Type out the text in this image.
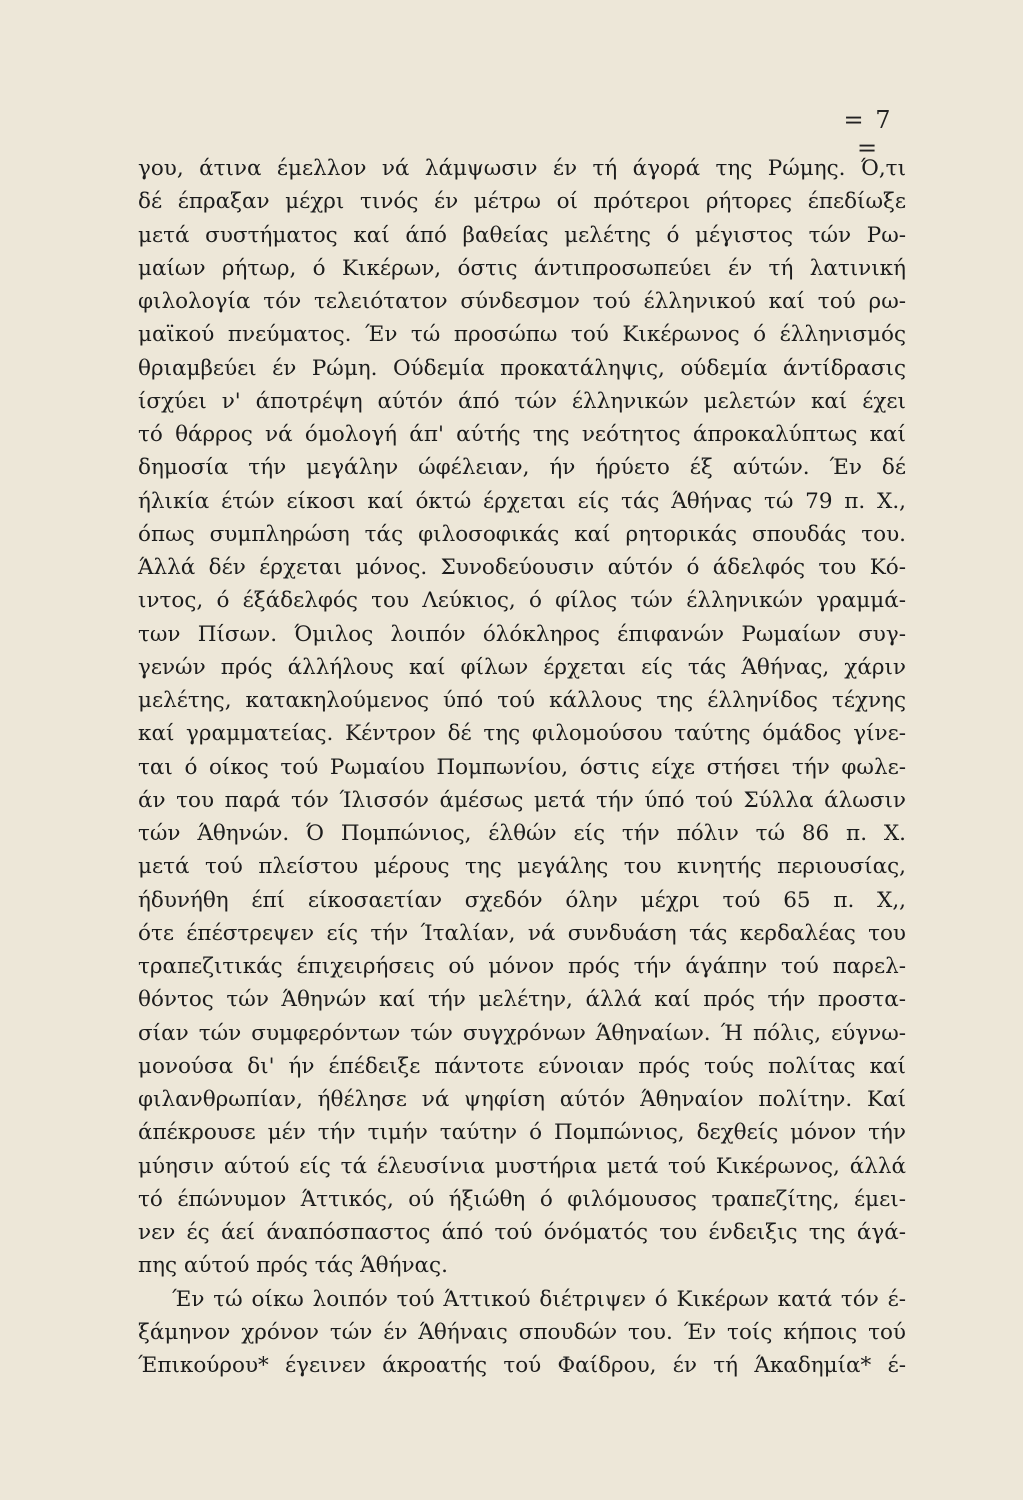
= 7 =
γου, άτινα έμελλον νά λάμψωσιν έν τή άγορά της Ρώμης. Ό,τι
δέ έπραξαν μέχρι τινός έν μέτρω οί πρότεροι ρήτορες έπεδίωξε
μετά συστήματος καί άπό βαθείας μελέτης ό μέγιστος τών Ρω-
μαίων ρήτωρ, ό Κικέρων, όστις άντιπροσωπεύει έν τή λατινική
φιλολογία τόν τελειότατον σύνδεσμον τού έλληνικού καί τού ρω-
μαϊκού πνεύματος. Έν τώ προσώπω τού Κικέρωνος ό έλληνισμός
θριαμβεύει έν Ρώμη. Ούδεμία προκατάληψις, ούδεμία άντίδρασις
ίσχύει ν' άποτρέψη αύτόν άπό τών έλληνικών μελετών καί έχει
τό θάρρος νά όμολογή άπ' αύτής της νεότητος άπροκαλύπτως καί
δημοσία τήν μεγάλην ώφέλειαν, ήν ήρύετο έξ αύτών. Έν δέ
ήλικία έτών είκοσι καί όκτώ έρχεται είς τάς Άθήνας τώ 79 π. Χ.,
όπως συμπληρώση τάς φιλοσοφικάς καί ρητορικάς σπουδάς του.
Άλλά δέν έρχεται μόνος. Συνοδεύουσιν αύτόν ό άδελφός του Κό-
ιντος, ό έξάδελφός του Λεύκιος, ό φίλος τών έλληνικών γραμμά-
των Πίσων. Όμιλος λοιπόν όλόκληρος έπιφανών Ρωμαίων συγ-
γενών πρός άλλήλους καί φίλων έρχεται είς τάς Άθήνας, χάριν
μελέτης, κατακηλούμενος ύπό τού κάλλους της έλληνίδος τέχνης
καί γραμματείας. Κέντρον δέ της φιλομούσου ταύτης όμάδος γίνε-
ται ό οίκος τού Ρωμαίου Πομπωνίου, όστις είχε στήσει τήν φωλε-
άν του παρά τόν Ίλισσόν άμέσως μετά τήν ύπό τού Σύλλα άλωσιν
τών Άθηνών. Ό Πομπώνιος, έλθών είς τήν πόλιν τώ 86 π. Χ.
μετά τού πλείστου μέρους της μεγάλης του κινητής περιουσίας,
ήδυνήθη έπί είκοσαετίαν σχεδόν όλην μέχρι τού 65 π. Χ,,
ότε έπέστρεψεν είς τήν Ίταλίαν, νά συνδυάση τάς κερδαλέας του
τραπεζιτικάς έπιχειρήσεις ού μόνον πρός τήν άγάπην τού παρελ-
θόντος τών Άθηνών καί τήν μελέτην, άλλά καί πρός τήν προστα-
σίαν τών συμφερόντων τών συγχρόνων Άθηναίων. Ή πόλις, εύγνω-
μονούσα δι' ήν έπέδειξε πάντοτε εύνοιαν πρός τούς πολίτας καί
φιλανθρωπίαν, ήθέλησε νά ψηφίση αύτόν Άθηναίον πολίτην. Καί
άπέκρουσε μέν τήν τιμήν ταύτην ό Πομπώνιος, δεχθείς μόνον τήν
μύησιν αύτού είς τά έλευσίνια μυστήρια μετά τού Κικέρωνος, άλλά
τό έπώνυμον Άττικός, ού ήξιώθη ό φιλόμουσος τραπεζίτης, έμει-
νεν ές άεί άναπόσπαστος άπό τού όνόματός του ένδειξις της άγά-
πης αύτού πρός τάς Άθήνας.
Έν τώ οίκω λοιπόν τού Άττικού διέτριψεν ό Κικέρων κατά τόν έ-
ξάμηνον χρόνον τών έν Άθήναις σπουδών του. Έν τοίς κήποις τού
Έπικούρου* έγεινεν άκροατής τού Φαίδρου, έν τή Άκαδημία* έ-
